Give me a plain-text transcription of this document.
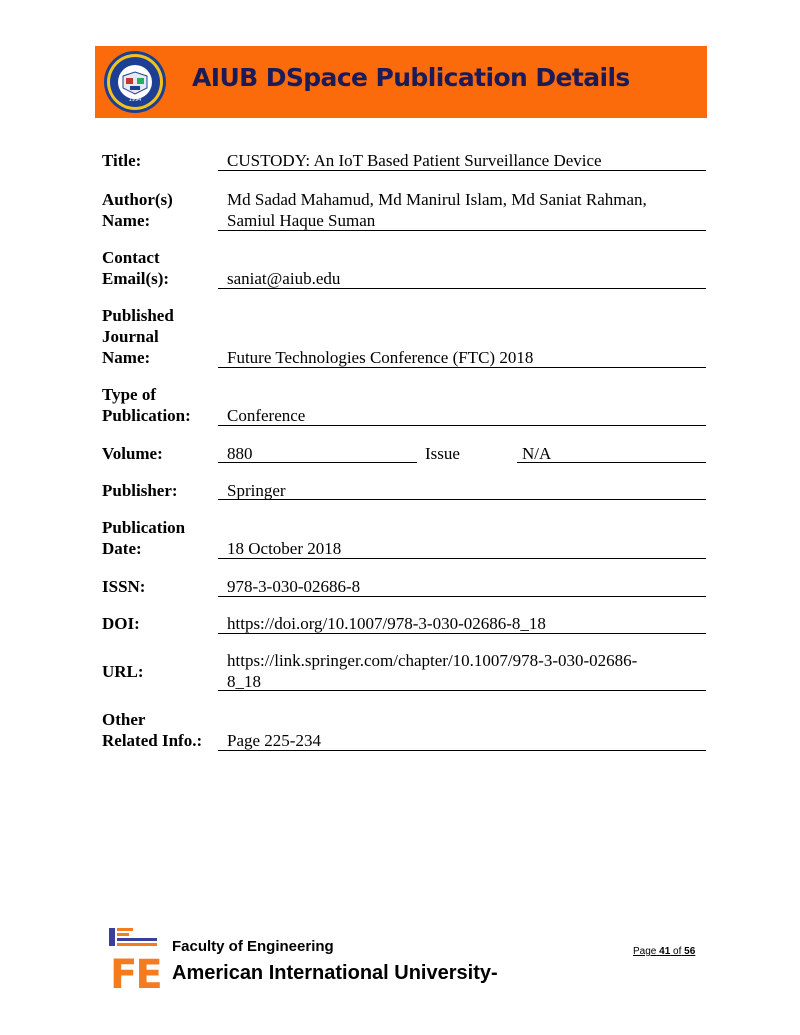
1994
AIUB DSpace Publication Details
Title:	CUSTODY: An IoT Based Patient Surveillance Device
Author(s)
Name:
Md Sadad Mahamud, Md Manirul Islam, Md Saniat Rahman,
Samiul Haque Suman
Contact
Email(s):	saniat@aiub.edu
Published
Journal
Name:	Future Technologies Conference (FTC) 2018
Type of
Publication: Conference
Volume:	880	Issue	N/A
Publisher:	Springer
Publication
Date:	18 October 2018
ISSN:	978-3-030-02686-8
DOI:	https://doi.org/10.1007/978-3-030-02686-8_18
URL:
https://link.springer.com/chapter/10.1007/978-3-030-02686-
8_18
Other
Related Info.: Page 225-234
FE
Faculty of Engineering
American International University-
Page 41 of 56
